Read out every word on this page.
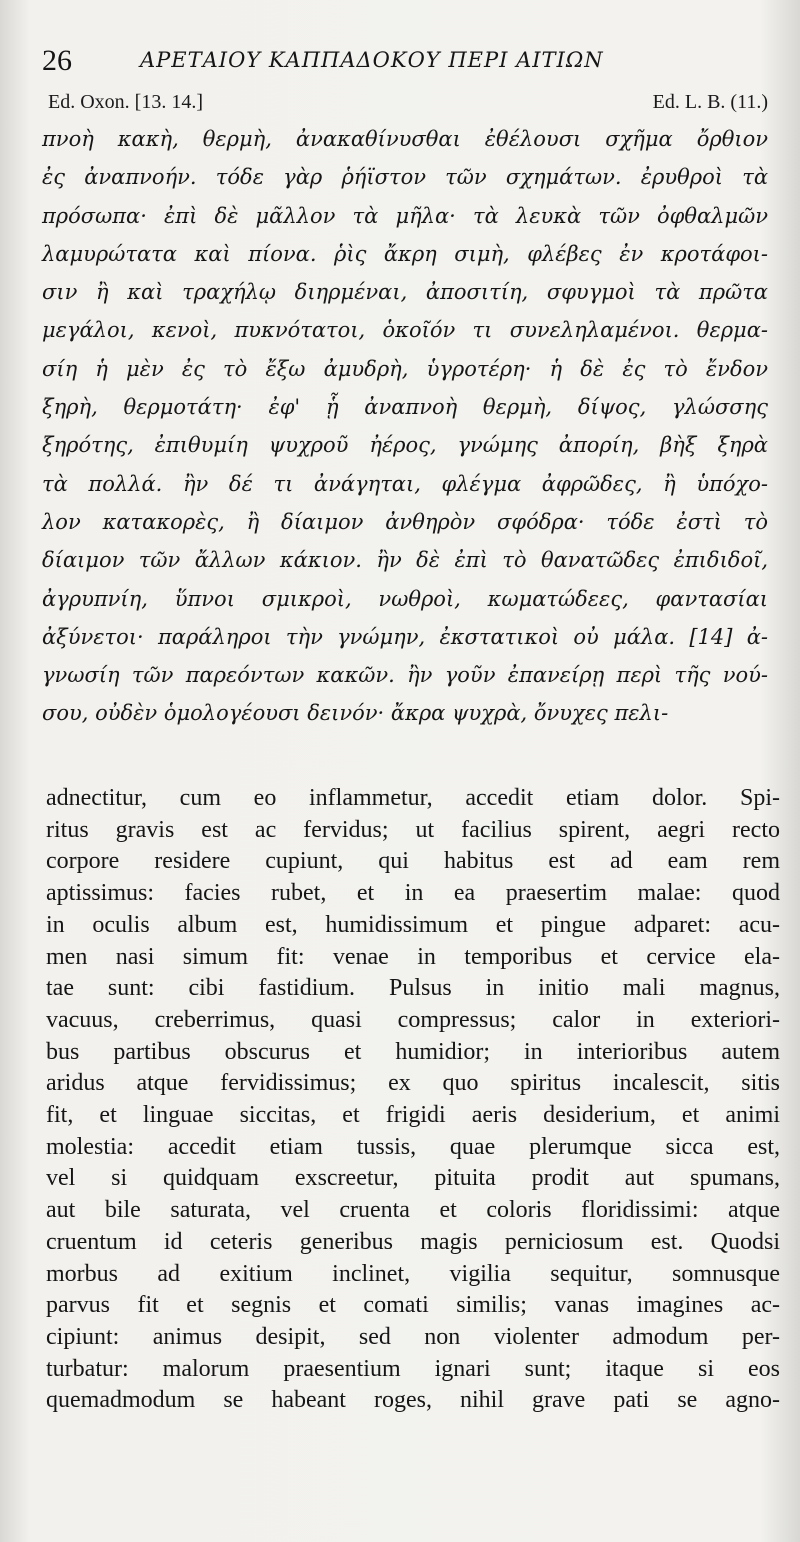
26	ΑΡΕΤΑΙΟΥ ΚΑΠΠΑΔΟΚΟΥ ΠΕΡΙ ΑΙΤΙΩΝ
Ed. Oxon. [13. 14.]	Ed. L. B. (11.)
πνοὴ κακὴ, θερμὴ, ἀνακαθίνυσθαι ἐθέλουσι σχῆμα ὄρθιον
ἐς ἀναπνοήν. τόδε γὰρ ῥήϊστον τῶν σχημάτων. ἐρυθροὶ τὰ
πρόσωπα· ἐπὶ δὲ μᾶλλον τὰ μῆλα· τὰ λευκὰ τῶν ὀφθαλμῶν
λαμυρώτατα καὶ πίονα. ῥὶς ἄκρη σιμὴ, φλέβες ἐν κροτάφοι-
σιν ἢ καὶ τραχήλῳ διηρμέναι, ἀποσιτίη, σφυγμοὶ τὰ πρῶτα
μεγάλοι, κενοὶ, πυκνότατοι, ὁκοῖόν τι συνεληλαμένοι. θερμα-
σίη ἡ μὲν ἐς τὸ ἔξω ἀμυδρὴ, ὑγροτέρη· ἡ δὲ ἐς τὸ ἔνδον
ξηρὴ, θερμοτάτη· ἐφ' ᾗ ἀναπνοὴ θερμὴ, δίψος, γλώσσης
ξηρότης, ἐπιθυμίη ψυχροῦ ἠέρος, γνώμης ἀπορίη, βὴξ ξηρὰ
τὰ πολλά. ἢν δέ τι ἀνάγηται, φλέγμα ἀφρῶδες, ἢ ὑπόχο-
λον κατακορὲς, ἢ δίαιμον ἀνθηρὸν σφόδρα· τόδε ἐστὶ τὸ
δίαιμον τῶν ἄλλων κάκιον. ἢν δὲ ἐπὶ τὸ θανατῶδες ἐπιδιδοῖ,
ἀγρυπνίη, ὕπνοι σμικροὶ, νωθροὶ, κωματώδεες, φαντασίαι
ἀξύνετοι· παράληροι τὴν γνώμην, ἐκστατικοὶ οὐ μάλα. [14] ἀ-
γνωσίη τῶν παρεόντων κακῶν. ἢν γοῦν ἐπανείρῃ περὶ τῆς νού-
σου, οὐδὲν ὁμολογέουσι δεινόν· ἄκρα ψυχρὰ, ὄνυχες πελι-
adnectitur, cum eo inflammetur, accedit etiam dolor. Spi-
ritus gravis est ac fervidus; ut facilius spirent, aegri recto
corpore residere cupiunt, qui habitus est ad eam rem
aptissimus: facies rubet, et in ea praesertim malae: quod
in oculis album est, humidissimum et pingue adparet: acu-
men nasi simum fit: venae in temporibus et cervice ela-
tae sunt: cibi fastidium. Pulsus in initio mali magnus,
vacuus, creberrimus, quasi compressus; calor in exteriori-
bus partibus obscurus et humidior; in interioribus autem
aridus atque fervidissimus; ex quo spiritus incalescit, sitis
fit, et linguae siccitas, et frigidi aeris desiderium, et animi
molestia: accedit etiam tussis, quae plerumque sicca est,
vel si quidquam exscreetur, pituita prodit aut spumans,
aut bile saturata, vel cruenta et coloris floridissimi: atque
cruentum id ceteris generibus magis perniciosum est. Quodsi
morbus ad exitium inclinet, vigilia sequitur, somnusque
parvus fit et segnis et comati similis; vanas imagines ac-
cipiunt: animus desipit, sed non violenter admodum per-
turbatur: malorum praesentium ignari sunt; itaque si eos
quemadmodum se habeant roges, nihil grave pati se agno-
